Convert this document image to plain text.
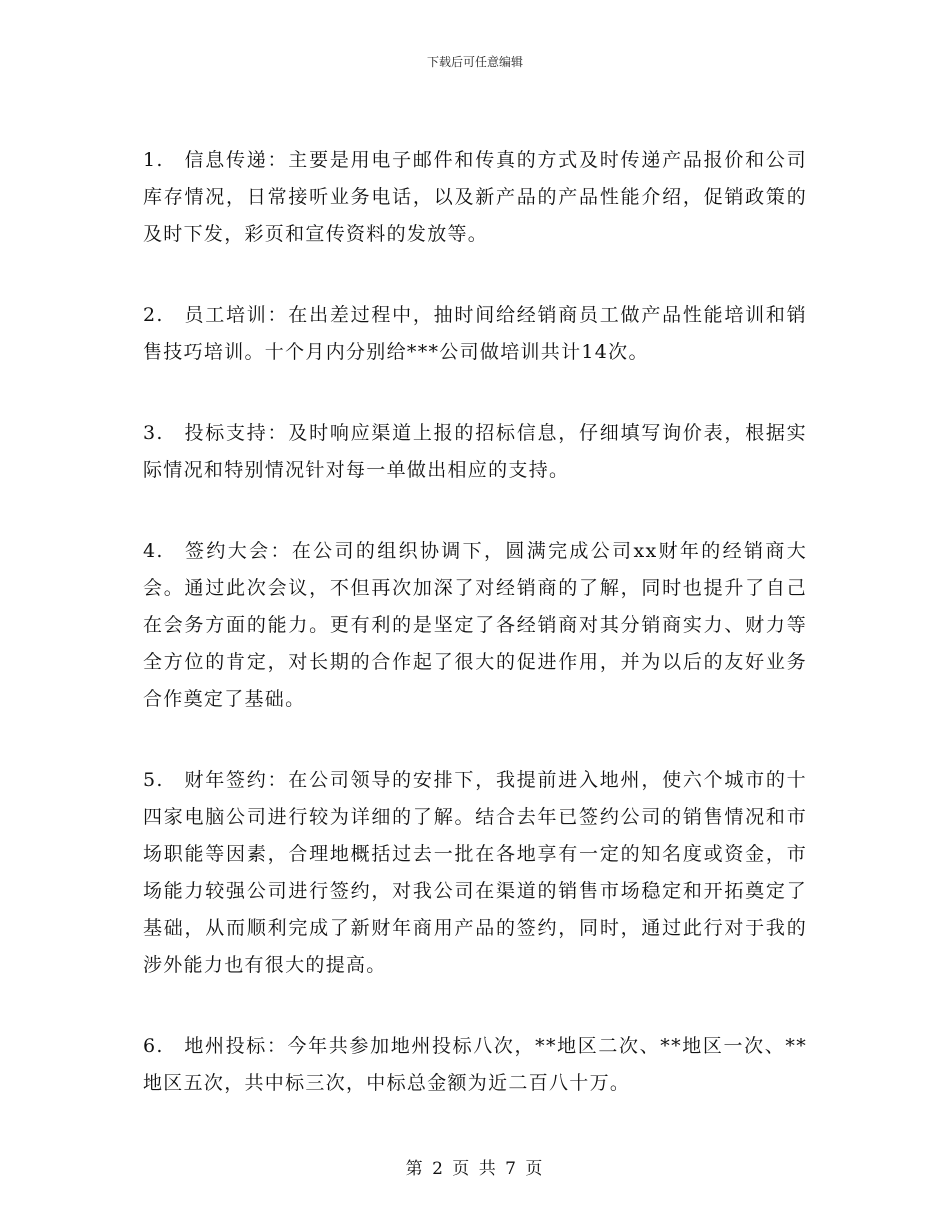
下载后可任意编辑

1. 信息传递：主要是用电子邮件和传真的方式及时传递产品报价和公司库存情况，日常接听业务电话，以及新产品的产品性能介绍，促销政策的及时下发，彩页和宣传资料的发放等。

2. 员工培训：在出差过程中，抽时间给经销商员工做产品性能培训和销售技巧培训。十个月内分别给***公司做培训共计14次。

3. 投标支持：及时响应渠道上报的招标信息，仔细填写询价表，根据实际情况和特别情况针对每一单做出相应的支持。

4. 签约大会：在公司的组织协调下，圆满完成公司xx财年的经销商大会。通过此次会议，不但再次加深了对经销商的了解，同时也提升了自己在会务方面的能力。更有利的是坚定了各经销商对其分销商实力、财力等全方位的肯定，对长期的合作起了很大的促进作用，并为以后的友好业务合作奠定了基础。

5. 财年签约：在公司领导的安排下，我提前进入地州，使六个城市的十四家电脑公司进行较为详细的了解。结合去年已签约公司的销售情况和市场职能等因素，合理地概括过去一批在各地享有一定的知名度或资金，市场能力较强公司进行签约，对我公司在渠道的销售市场稳定和开拓奠定了基础，从而顺利完成了新财年商用产品的签约，同时，通过此行对于我的涉外能力也有很大的提高。

6. 地州投标：今年共参加地州投标八次，**地区二次、**地区一次、**地区五次，共中标三次，中标总金额为近二百八十万。

第 2 页 共 7 页
